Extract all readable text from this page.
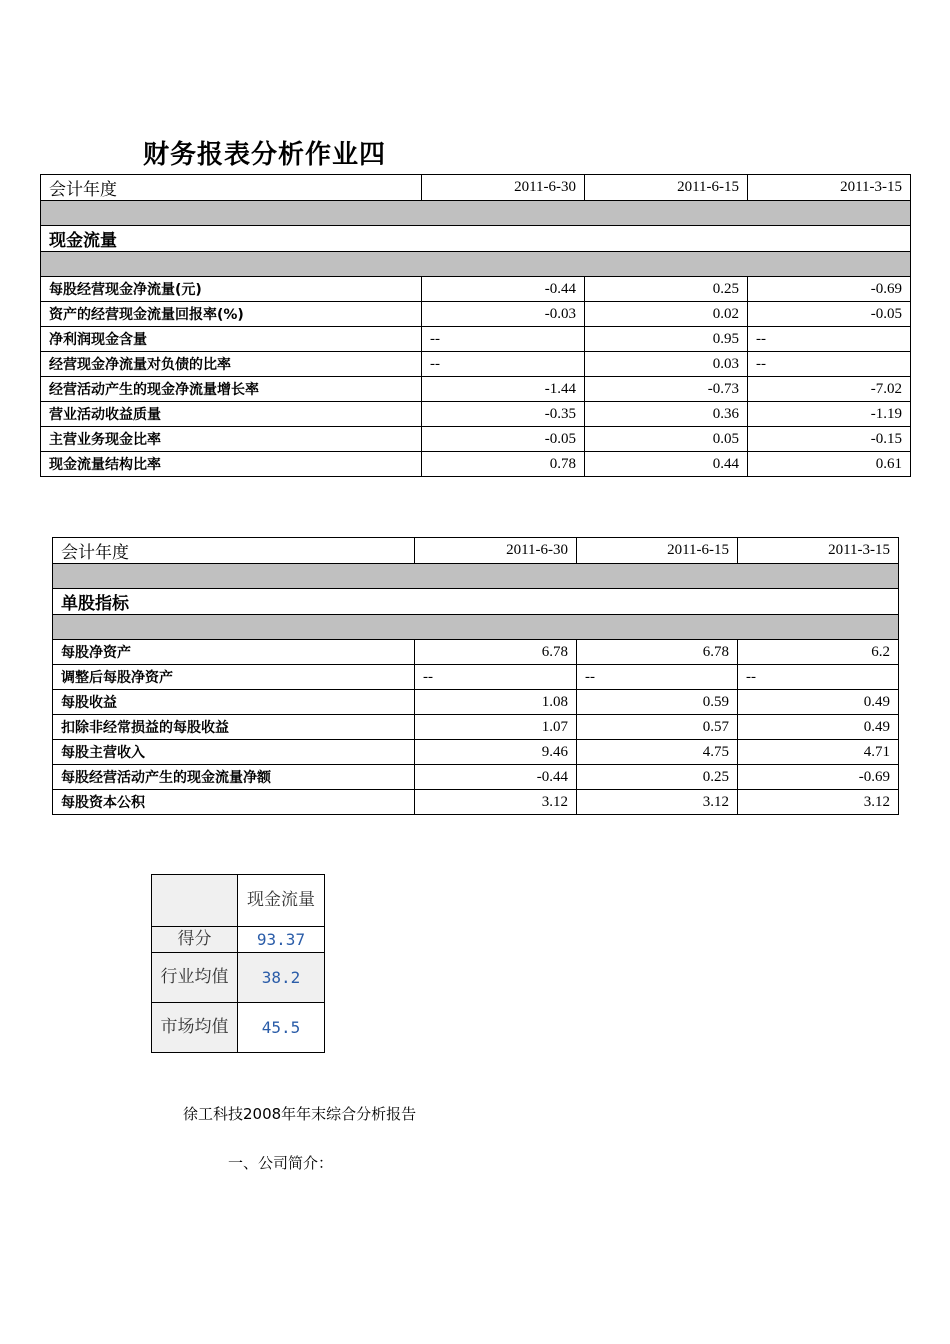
财务报表分析作业四
会计年度	2011-6-30	2011-6-15	2011-3-15

现金流量			

每股经营现金净流量(元)	-0.44	0.25	-0.69
资产的经营现金流量回报率(%)	-0.03	0.02	-0.05
净利润现金含量	--	0.95	--
经营现金净流量对负债的比率	--	0.03	--
经营活动产生的现金净流量增长率	-1.44	-0.73	-7.02
营业活动收益质量	-0.35	0.36	-1.19
主营业务现金比率	-0.05	0.05	-0.15
现金流量结构比率	0.78	0.44	0.61
会计年度	2011-6-30	2011-6-15	2011-3-15

单股指标			

每股净资产	6.78	6.78	6.2
调整后每股净资产	--	--	--
每股收益	1.08	0.59	0.49
扣除非经常损益的每股收益	1.07	0.57	0.49
每股主营收入	9.46	4.75	4.71
每股经营活动产生的现金流量净额	-0.44	0.25	-0.69
每股资本公积	3.12	3.12	3.12
	现金流量
得分	93.37
行业均值	38.2
市场均值	45.5
徐工科技2008年年末综合分析报告
一、公司简介：
